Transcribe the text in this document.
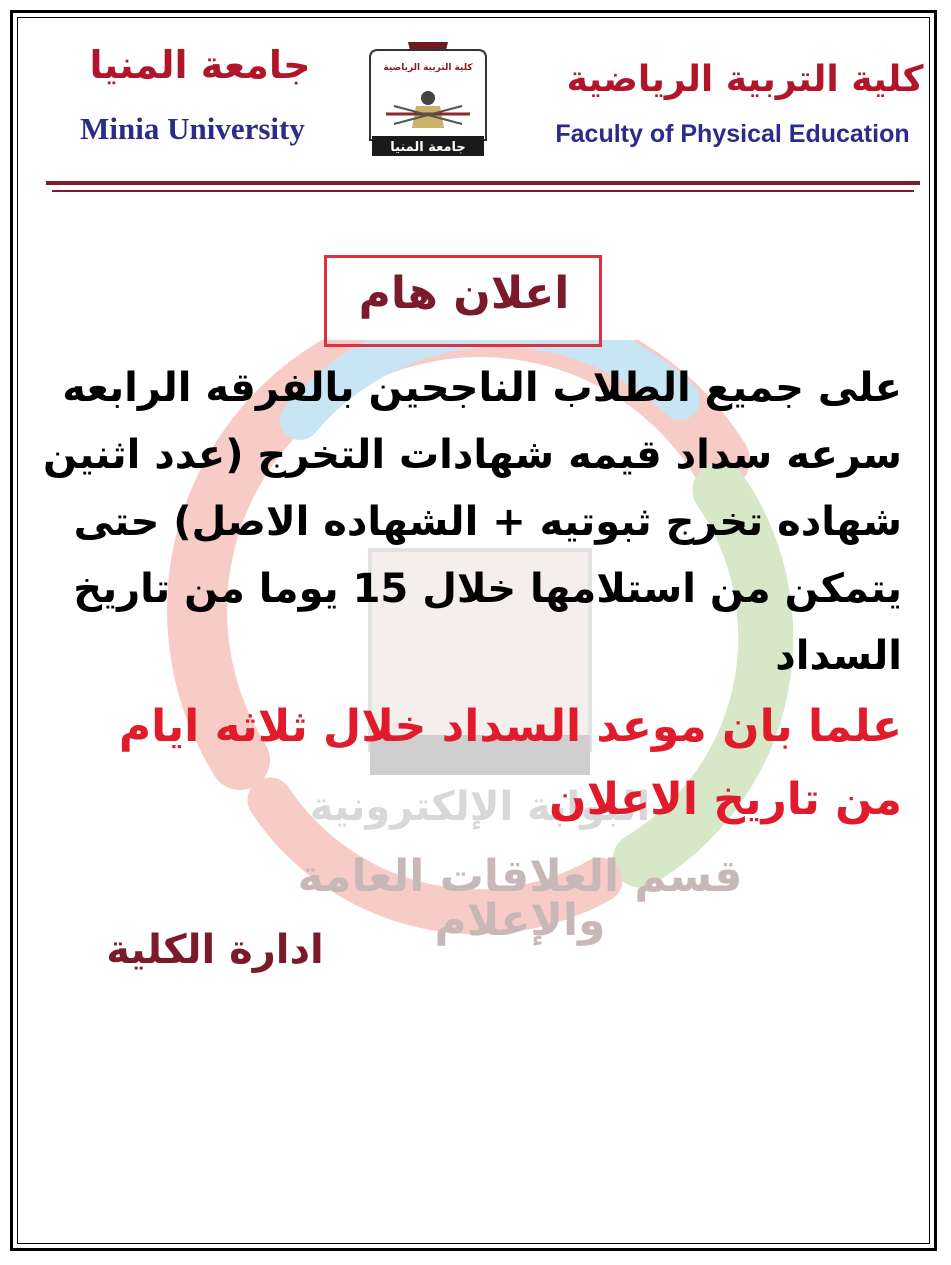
جامعة المنيا
Minia University
كلية التربية الرياضية
Faculty of Physical Education
كلية التربية الرياضية
جامعة المنيا
البوابة الإلكترونية
قسم العلاقات العامة والإعلام
اعلان هام
على جميع الطلاب الناجحين بالفرقه الرابعه
سرعه سداد قيمه شهادات التخرج (عدد اثنين
شهاده تخرج ثبوتيه + الشهاده الاصل) حتى
يتمكن من استلامها خلال 15 يوما من تاريخ
السداد
علما بان موعد السداد خلال ثلاثه ايام
من تاريخ الاعلان
ادارة الكلية
